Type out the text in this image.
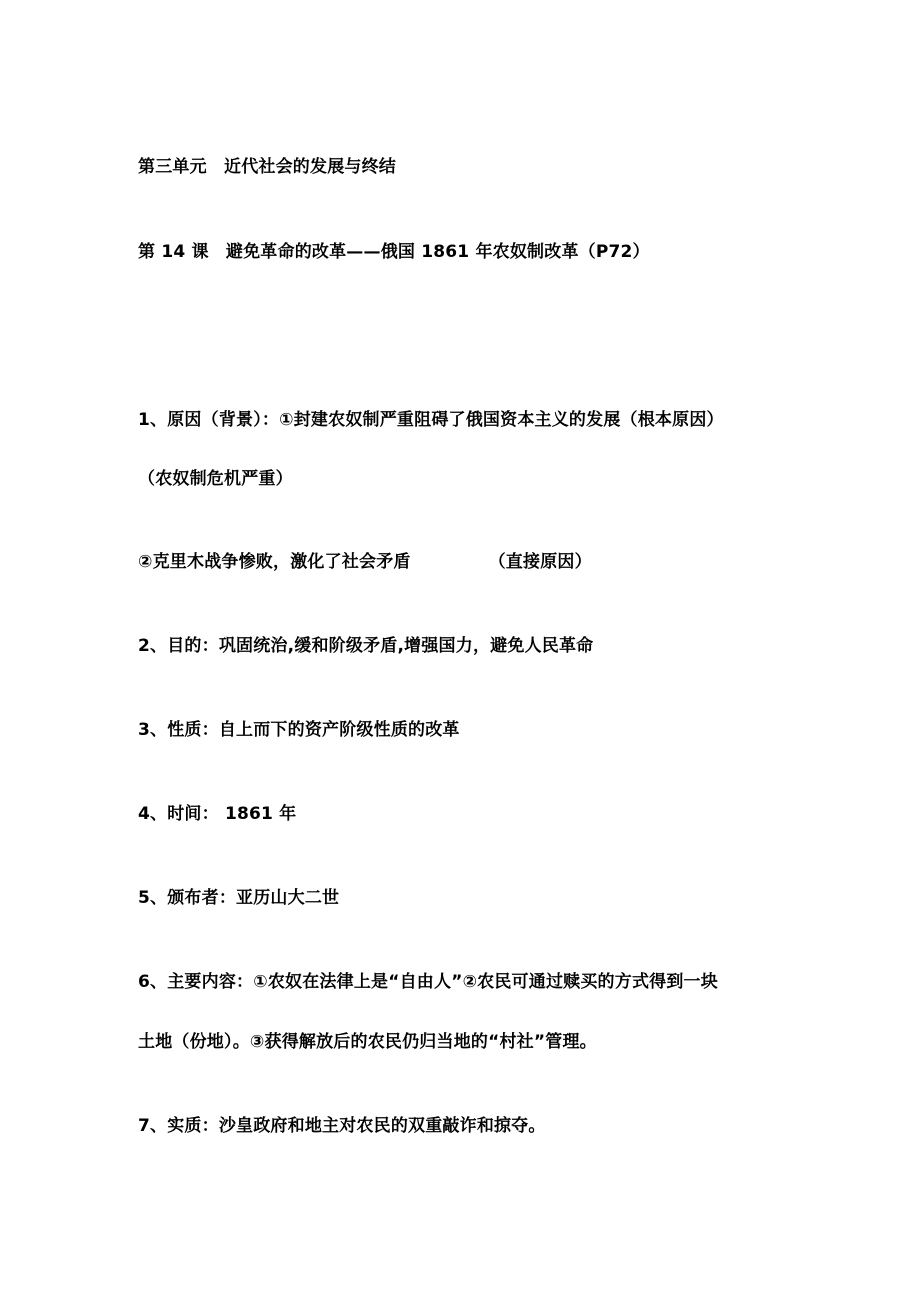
第三单元　近代社会的发展与终结
第 14 课　避免革命的改革——俄国 1861 年农奴制改革（P72）
1、原因（背景）：①封建农奴制严重阻碍了俄国资本主义的发展（根本原因）
（农奴制危机严重）
②克里木战争惨败，激化了社会矛盾	（直接原因）
2、目的：巩固统治,缓和阶级矛盾,增强国力，避免人民革命
3、性质：自上而下的资产阶级性质的改革
4、时间： 1861 年
5、颁布者：亚历山大二世
6、主要内容：①农奴在法律上是“自由人”②农民可通过赎买的方式得到一块
土地（份地）。③获得解放后的农民仍归当地的“村社”管理。
7、实质：沙皇政府和地主对农民的双重敲诈和掠夺。
